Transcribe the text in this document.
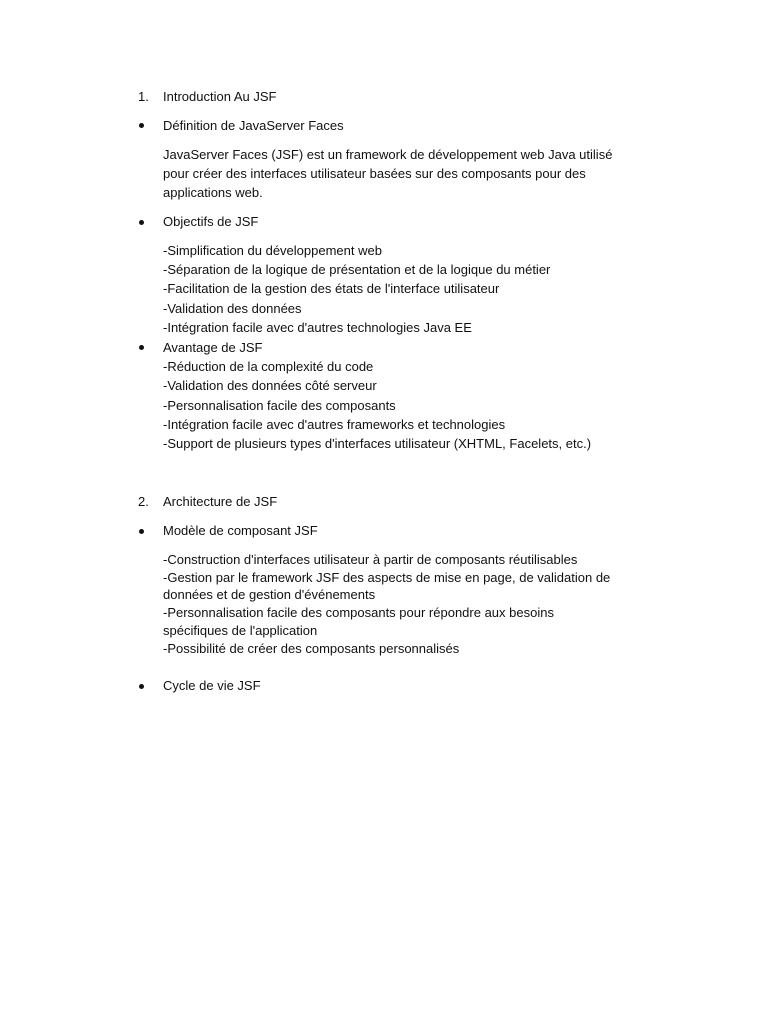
1. Introduction Au JSF
Définition de JavaServer Faces
JavaServer Faces (JSF) est un framework de développement web Java utilisé
pour créer des interfaces utilisateur basées sur des composants pour des
applications web.
Objectifs de JSF
-Simplification du développement web
-Séparation de la logique de présentation et de la logique du métier
-Facilitation de la gestion des états de l'interface utilisateur
-Validation des données
-Intégration facile avec d'autres technologies Java EE
Avantage de JSF
-Réduction de la complexité du code
-Validation des données côté serveur
-Personnalisation facile des composants
-Intégration facile avec d'autres frameworks et technologies
-Support de plusieurs types d'interfaces utilisateur (XHTML, Facelets, etc.)
2. Architecture de JSF
Modèle de composant JSF
-Construction d'interfaces utilisateur à partir de composants réutilisables
-Gestion par le framework JSF des aspects de mise en page, de validation de
données et de gestion d'événements
-Personnalisation facile des composants pour répondre aux besoins
spécifiques de l'application
-Possibilité de créer des composants personnalisés
Cycle de vie JSF
